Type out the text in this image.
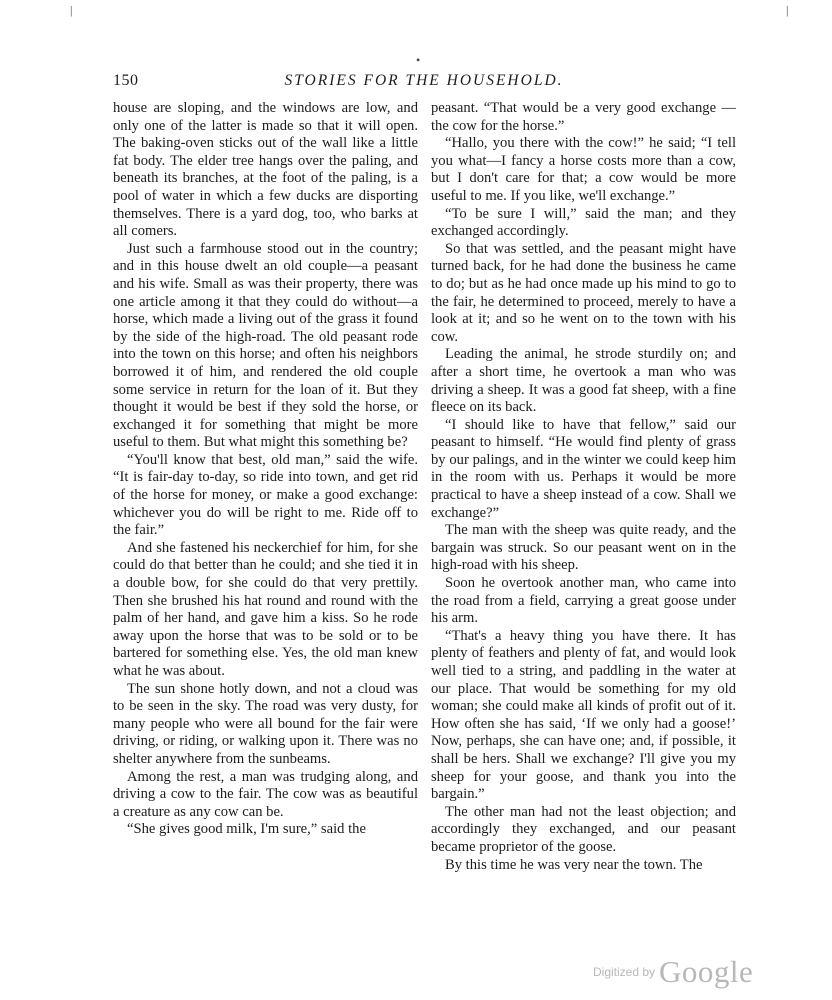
|	|
•
150	STORIES FOR THE HOUSEHOLD.

house are sloping, and the windows are low, and only one of the latter is made so that it will open. The baking-oven sticks out of the wall like a little fat body. The elder tree hangs over the paling, and beneath its branches, at the foot of the paling, is a pool of water in which a few ducks are disporting themselves. There is a yard dog, too, who barks at all comers.

Just such a farmhouse stood out in the country; and in this house dwelt an old couple—a peasant and his wife. Small as was their property, there was one article among it that they could do without—a horse, which made a living out of the grass it found by the side of the high-road. The old peasant rode into the town on this horse; and often his neighbors borrowed it of him, and rendered the old couple some service in return for the loan of it. But they thought it would be best if they sold the horse, or exchanged it for something that might be more useful to them. But what might this something be?

“You'll know that best, old man,” said the wife. “It is fair-day to-day, so ride into town, and get rid of the horse for money, or make a good exchange: whichever you do will be right to me. Ride off to the fair.”

And she fastened his neckerchief for him, for she could do that better than he could; and she tied it in a double bow, for she could do that very prettily. Then she brushed his hat round and round with the palm of her hand, and gave him a kiss. So he rode away upon the horse that was to be sold or to be bartered for something else. Yes, the old man knew what he was about.

The sun shone hotly down, and not a cloud was to be seen in the sky. The road was very dusty, for many people who were all bound for the fair were driving, or riding, or walking upon it. There was no shelter anywhere from the sunbeams.

Among the rest, a man was trudging along, and driving a cow to the fair. The cow was as beautiful a creature as any cow can be.

“She gives good milk, I'm sure,” said the

peasant. “That would be a very good exchange —the cow for the horse.”

“Hallo, you there with the cow!” he said; “I tell you what—I fancy a horse costs more than a cow, but I don't care for that; a cow would be more useful to me. If you like, we'll exchange.”

“To be sure I will,” said the man; and they exchanged accordingly.

So that was settled, and the peasant might have turned back, for he had done the business he came to do; but as he had once made up his mind to go to the fair, he determined to proceed, merely to have a look at it; and so he went on to the town with his cow.

Leading the animal, he strode sturdily on; and after a short time, he overtook a man who was driving a sheep. It was a good fat sheep, with a fine fleece on its back.

“I should like to have that fellow,” said our peasant to himself. “He would find plenty of grass by our palings, and in the winter we could keep him in the room with us. Perhaps it would be more practical to have a sheep instead of a cow. Shall we exchange?”

The man with the sheep was quite ready, and the bargain was struck. So our peasant went on in the high-road with his sheep.

Soon he overtook another man, who came into the road from a field, carrying a great goose under his arm.

“That's a heavy thing you have there. It has plenty of feathers and plenty of fat, and would look well tied to a string, and paddling in the water at our place. That would be something for my old woman; she could make all kinds of profit out of it. How often she has said, ‘If we only had a goose!’ Now, perhaps, she can have one; and, if possible, it shall be hers. Shall we exchange? I'll give you my sheep for your goose, and thank you into the bargain.”

The other man had not the least objection; and accordingly they exchanged, and our peasant became proprietor of the goose.

By this time he was very near the town. The

$^{Digitized by}$ Google
